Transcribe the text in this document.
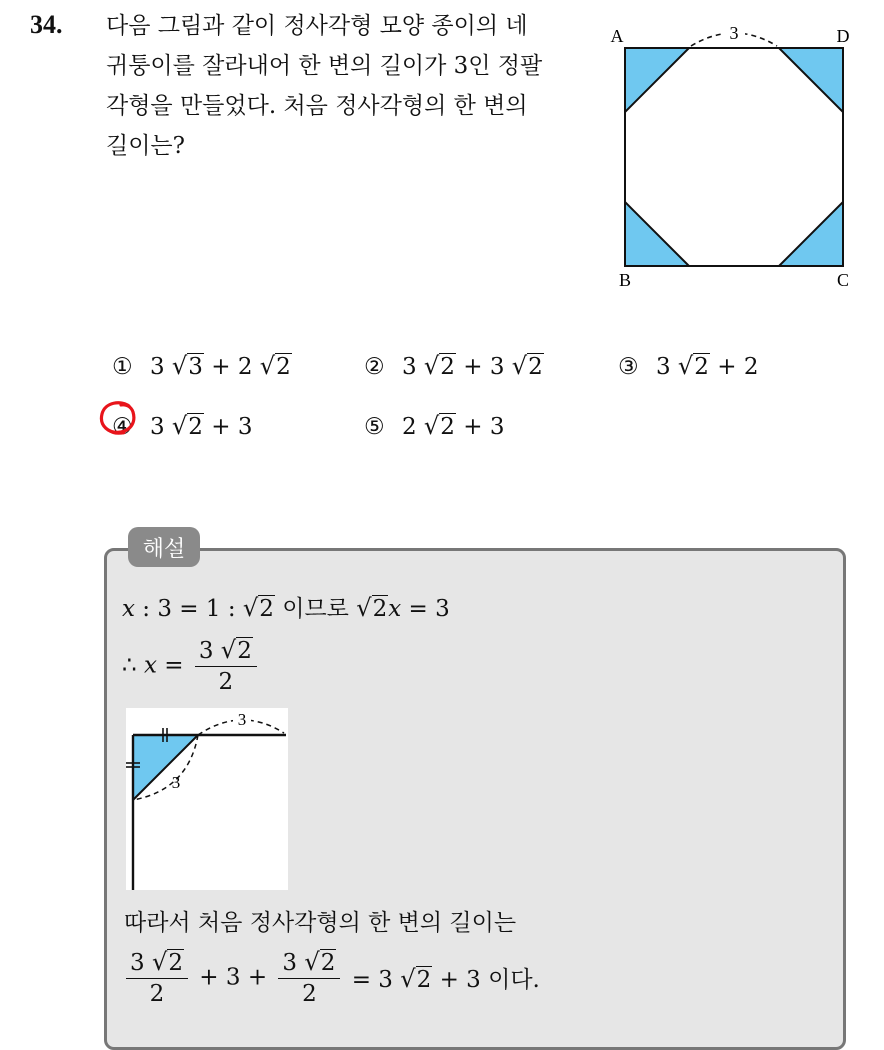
34. 다음 그림과 같이 정사각형 모양 종이의 네
귀퉁이를 잘라내어 한 변의 길이가 3인 정팔
각형을 만들었다. 처음 정사각형의 한 변의
길이는?
3
A	D
B	C
① 3 √3 + 2 √2	② 3 √2 + 3 √2	③ 3 √2 + 2
④ 3 √2 + 3	⑤ 2 √2 + 3
해설
x : 3 = 1 : √2 이므로 √2x = 3
∴ $x = \frac{3 √2}{2}$
3
3
따라서 처음 정사각형의 한 변의 길이는
$\frac{3 √2}{2} + 3 + \frac{3 √2}{2} = 3$ √2 + 3 이다.
